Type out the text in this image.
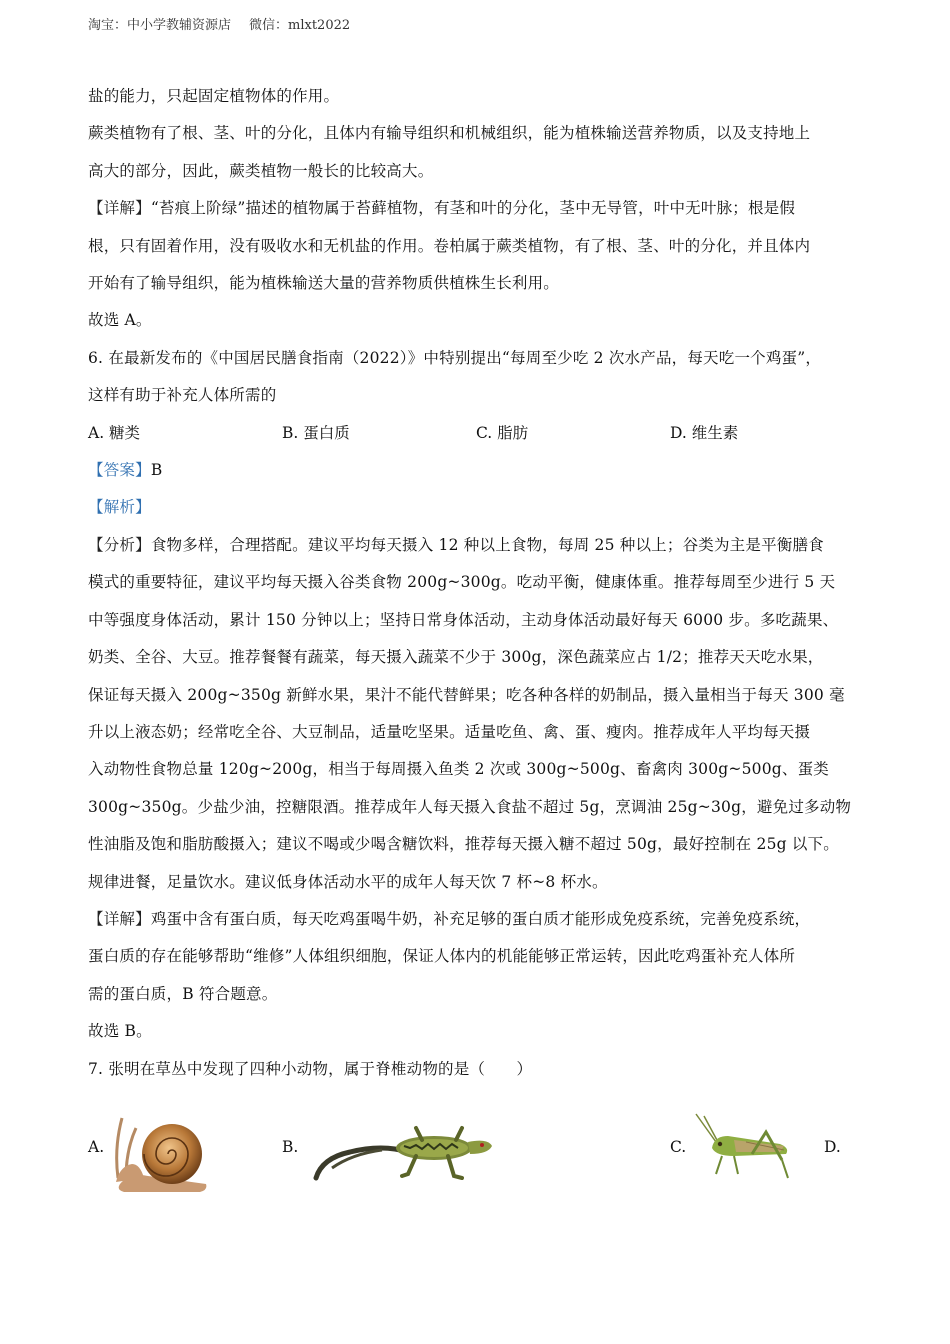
淘宝：中小学教辅资源店 微信：mlxt2022
盐的能力，只起固定植物体的作用。
蕨类植物有了根、茎、叶的分化，且体内有输导组织和机械组织，能为植株输送营养物质，以及支持地上
高大的部分，因此，蕨类植物一般长的比较高大。
【详解】“苔痕上阶绿”描述的植物属于苔藓植物，有茎和叶的分化，茎中无导管，叶中无叶脉；根是假
根，只有固着作用，没有吸收水和无机盐的作用。卷柏属于蕨类植物，有了根、茎、叶的分化，并且体内
开始有了输导组织，能为植株输送大量的营养物质供植株生长利用。
故选 A。
6. 在最新发布的《中国居民膳食指南（2022）》中特别提出“每周至少吃 2 次水产品，每天吃一个鸡蛋”，
这样有助于补充人体所需的
A. 糖类	B. 蛋白质	C. 脂肪	D. 维生素
【答案】B
【解析】
【分析】食物多样，合理搭配。建议平均每天摄入 12 种以上食物，每周 25 种以上；谷类为主是平衡膳食
模式的重要特征，建议平均每天摄入谷类食物 200g~300g。吃动平衡，健康体重。推荐每周至少进行 5 天
中等强度身体活动，累计 150 分钟以上；坚持日常身体活动，主动身体活动最好每天 6000 步。多吃蔬果、
奶类、全谷、大豆。推荐餐餐有蔬菜，每天摄入蔬菜不少于 300g，深色蔬菜应占 1/2；推荐天天吃水果，
保证每天摄入 200g~350g 新鲜水果，果汁不能代替鲜果；吃各种各样的奶制品，摄入量相当于每天 300 毫
升以上液态奶；经常吃全谷、大豆制品，适量吃坚果。适量吃鱼、禽、蛋、瘦肉。推荐成年人平均每天摄
入动物性食物总量 120g~200g，相当于每周摄入鱼类 2 次或 300g~500g、畜禽肉 300g~500g、蛋类
300g~350g。少盐少油，控糖限酒。推荐成年人每天摄入食盐不超过 5g，烹调油 25g~30g，避免过多动物
性油脂及饱和脂肪酸摄入；建议不喝或少喝含糖饮料，推荐每天摄入糖不超过 50g，最好控制在 25g 以下。
规律进餐，足量饮水。建议低身体活动水平的成年人每天饮 7 杯~8 杯水。
【详解】鸡蛋中含有蛋白质，每天吃鸡蛋喝牛奶，补充足够的蛋白质才能形成免疫系统，完善免疫系统，
蛋白质的存在能够帮助“维修”人体组织细胞，保证人体内的机能能够正常运转，因此吃鸡蛋补充人体所
需的蛋白质，B 符合题意。
故选 B。
7. 张明在草丛中发现了四种小动物，属于脊椎动物的是（　　）
A.	B.	C.	D.
